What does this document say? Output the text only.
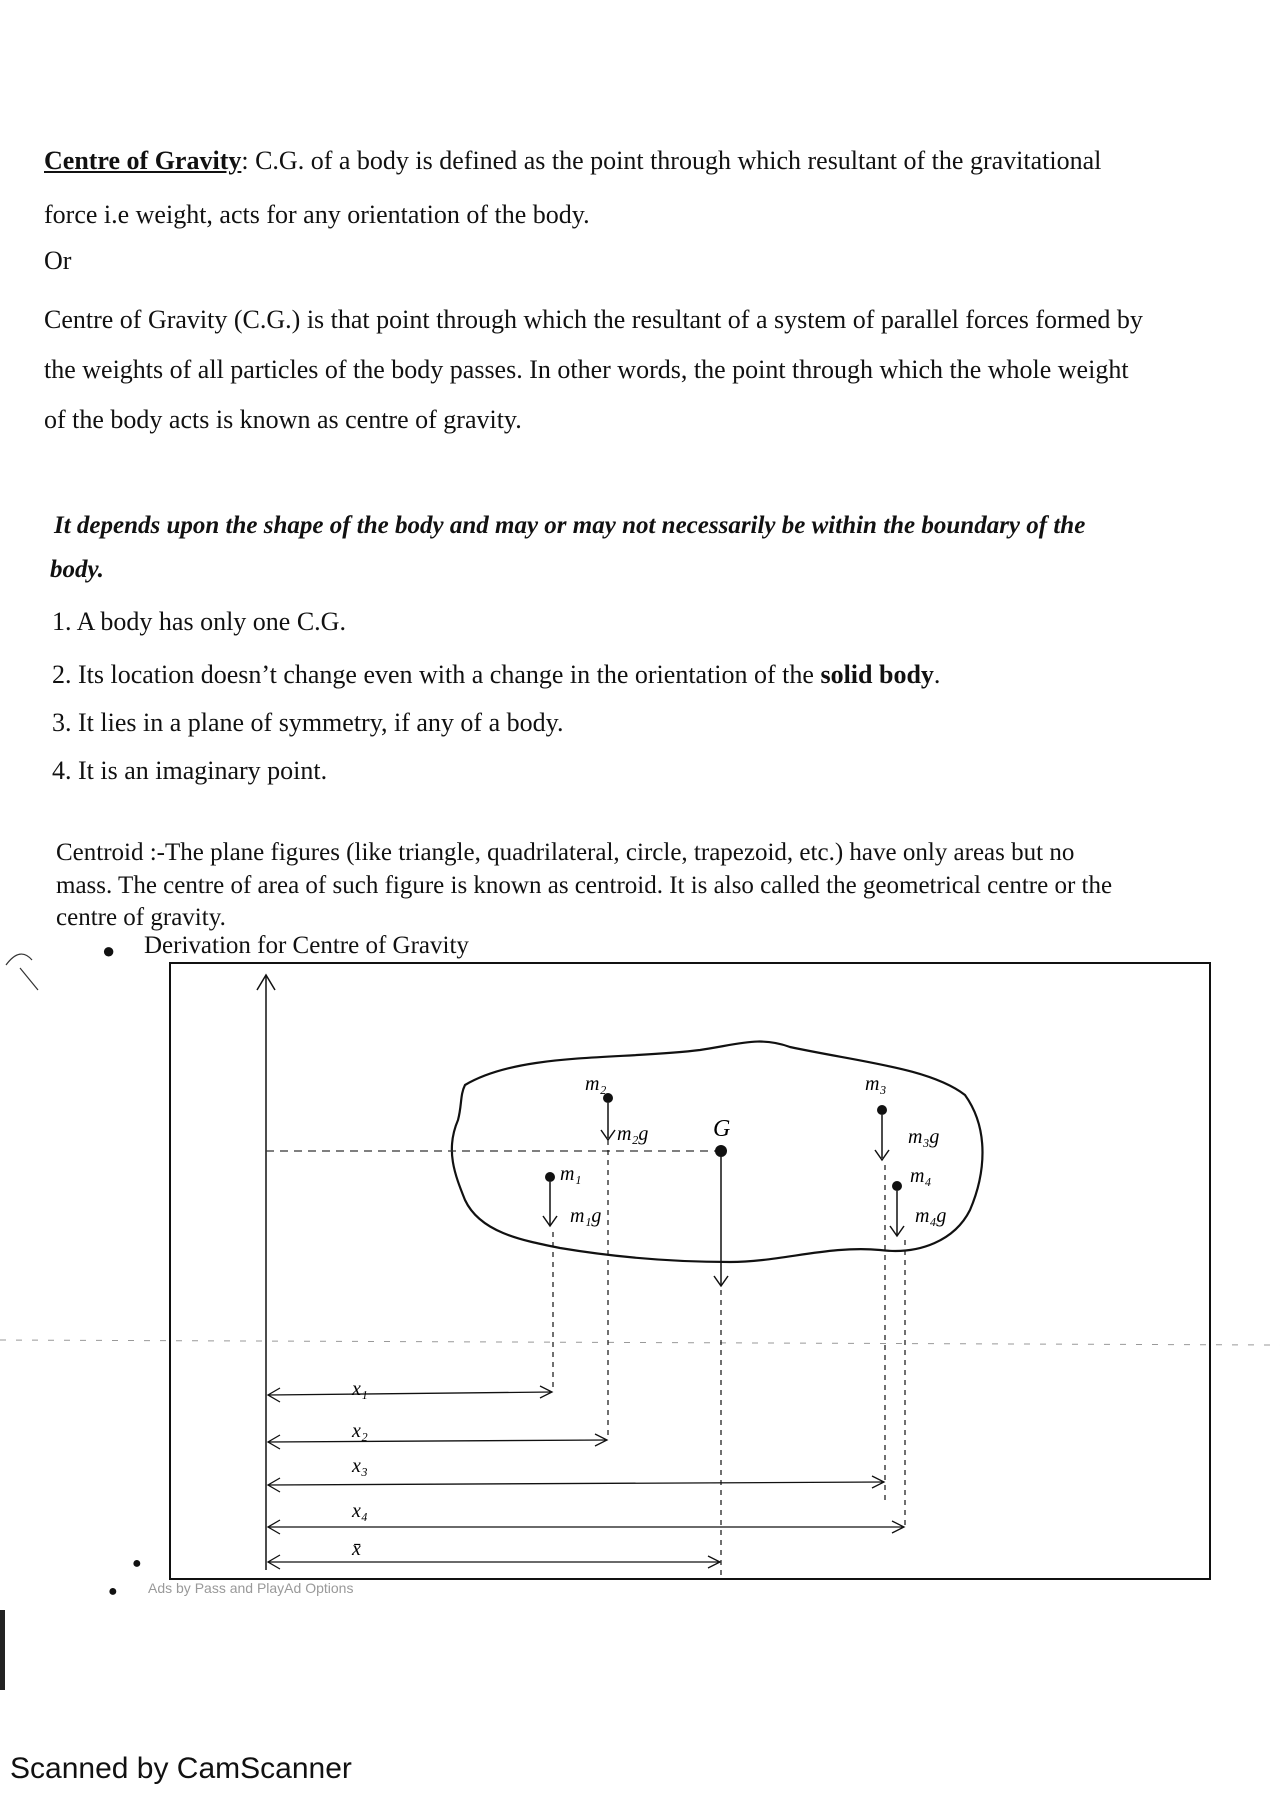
Centre of Gravity: C.G. of a body is defined as the point through which resultant of the gravitational
force i.e weight, acts for any orientation of the body.
Or
Centre of Gravity (C.G.) is that point through which the resultant of a system of parallel forces formed by
the weights of all particles of the body passes. In other words, the point through which the whole weight
of the body acts is known as centre of gravity.
It depends upon the shape of the body and may or may not necessarily be within the boundary of the
body.
1. A body has only one C.G.
2. Its location doesn’t change even with a change in the orientation of the solid body.
3. It lies in a plane of symmetry, if any of a body.
4. It is an imaginary point.
Centroid :-The plane figures (like triangle, quadrilateral, circle, trapezoid, etc.) have only areas but no
mass. The centre of area of such figure is known as centroid. It is also called the geometrical centre or the
centre of gravity.
● Derivation for Centre of Gravity
m₂
m₂g	G
m₁
m₁g
m₃
m₃g
m₄
m₄g
x₁
x₂
x₃
x₄
x̄
●
● Ads by Pass and PlayAd Options
Scanned by CamScanner
